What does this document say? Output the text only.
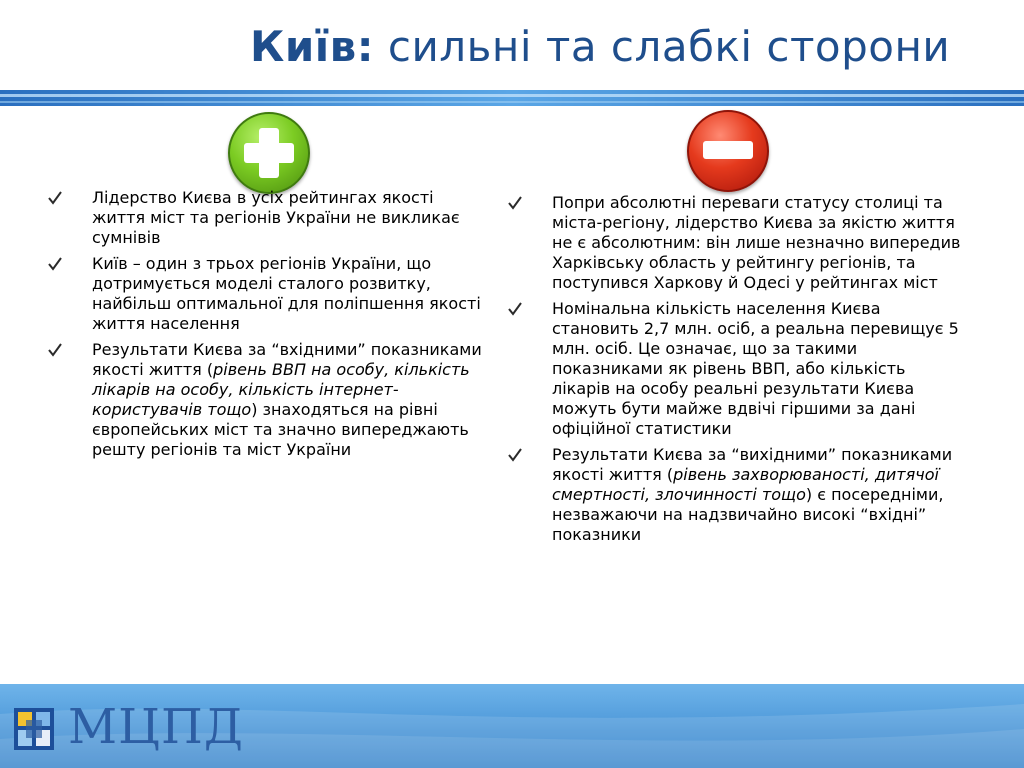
Київ: сильні та слабкі сторони
Лідерство Києва в усіх рейтингах якості життя міст та регіонів України не викликає сумнівів
Київ – один з трьох регіонів України, що дотримується моделі сталого розвитку, найбільш оптимальної для поліпшення якості життя населення
Результати Києва за “вхідними” показниками якості життя (рівень ВВП на особу, кількість лікарів на особу, кількість інтернет-користувачів тощо) знаходяться на рівні європейських міст та значно випереджають решту регіонів та міст України
Попри абсолютні переваги статусу столиці та міста-регіону, лідерство Києва за якістю життя не є абсолютним: він лише незначно випередив Харківську область у рейтингу регіонів, та поступився Харкову й Одесі у рейтингах міст
Номінальна кількість населення Києва становить 2,7 млн. осіб, а реальна перевищує 5 млн. осіб. Це означає, що за такими показниками як рівень ВВП, або кількість лікарів на особу реальні результати Києва можуть бути майже вдвічі гіршими за дані офіційної статистики
Результати Києва за “вихідними” показниками якості життя (рівень захворюваності, дитячої смертності, злочинності тощо) є посередніми, незважаючи на надзвичайно високі “вхідні” показники
МЦПД
